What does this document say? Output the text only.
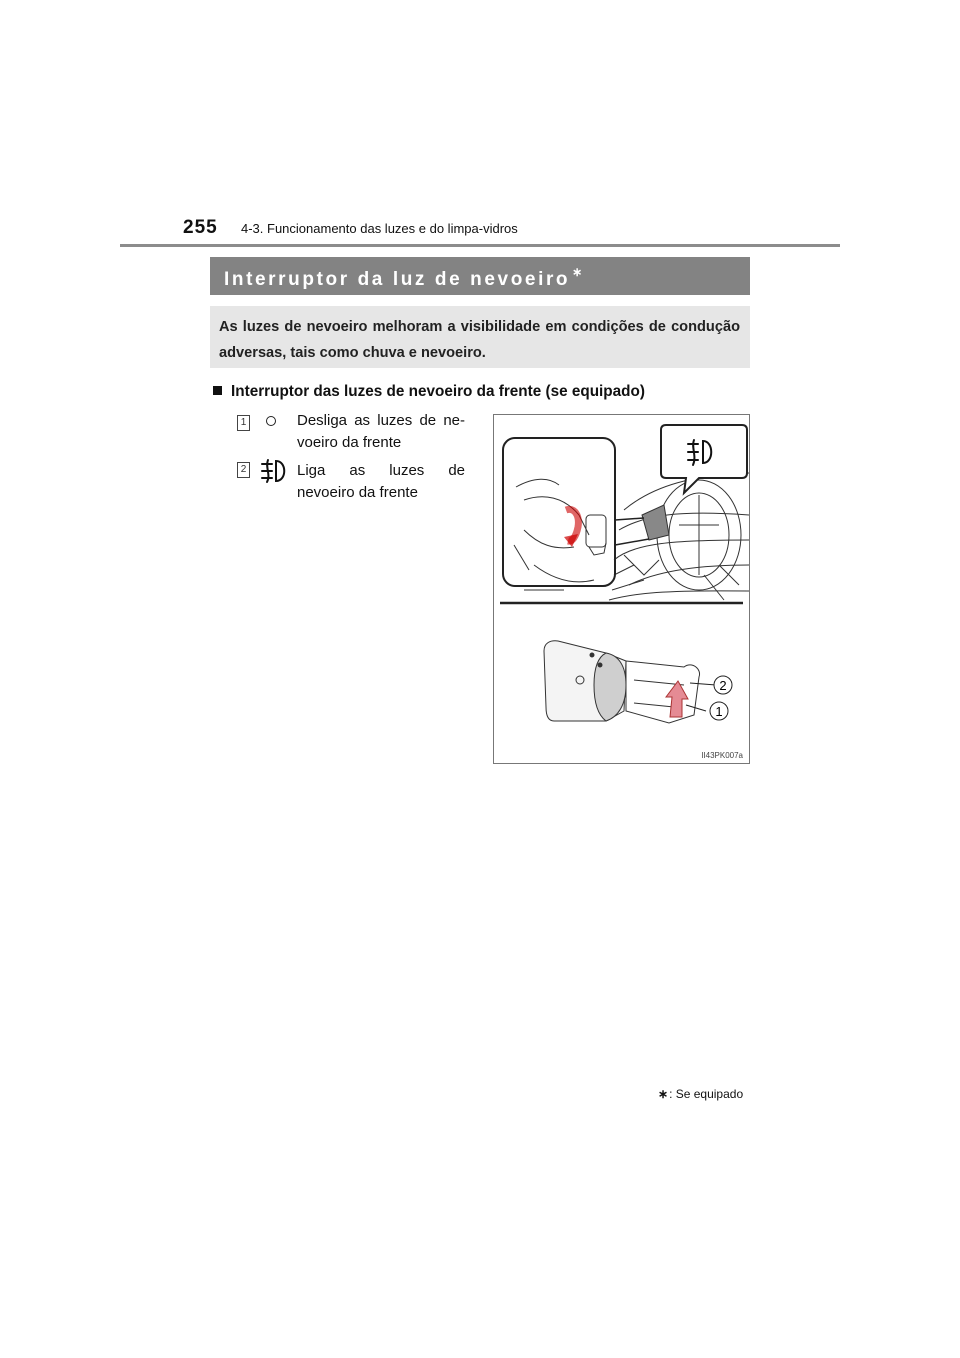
255 4-3. Funcionamento das luzes e do limpa-vidros
Interruptor da luz de nevoeiro ∗
As luzes de nevoeiro melhoram a visibilidade em condições de condução adversas, tais como chuva e nevoeiro.
Interruptor das luzes de nevoeiro da frente (se equipado)
1	Desliga as luzes de ne-voeiro da frente
2	Liga as luzes de nevoeiro da frente
2
1
II43PK007a
∗: Se equipado
